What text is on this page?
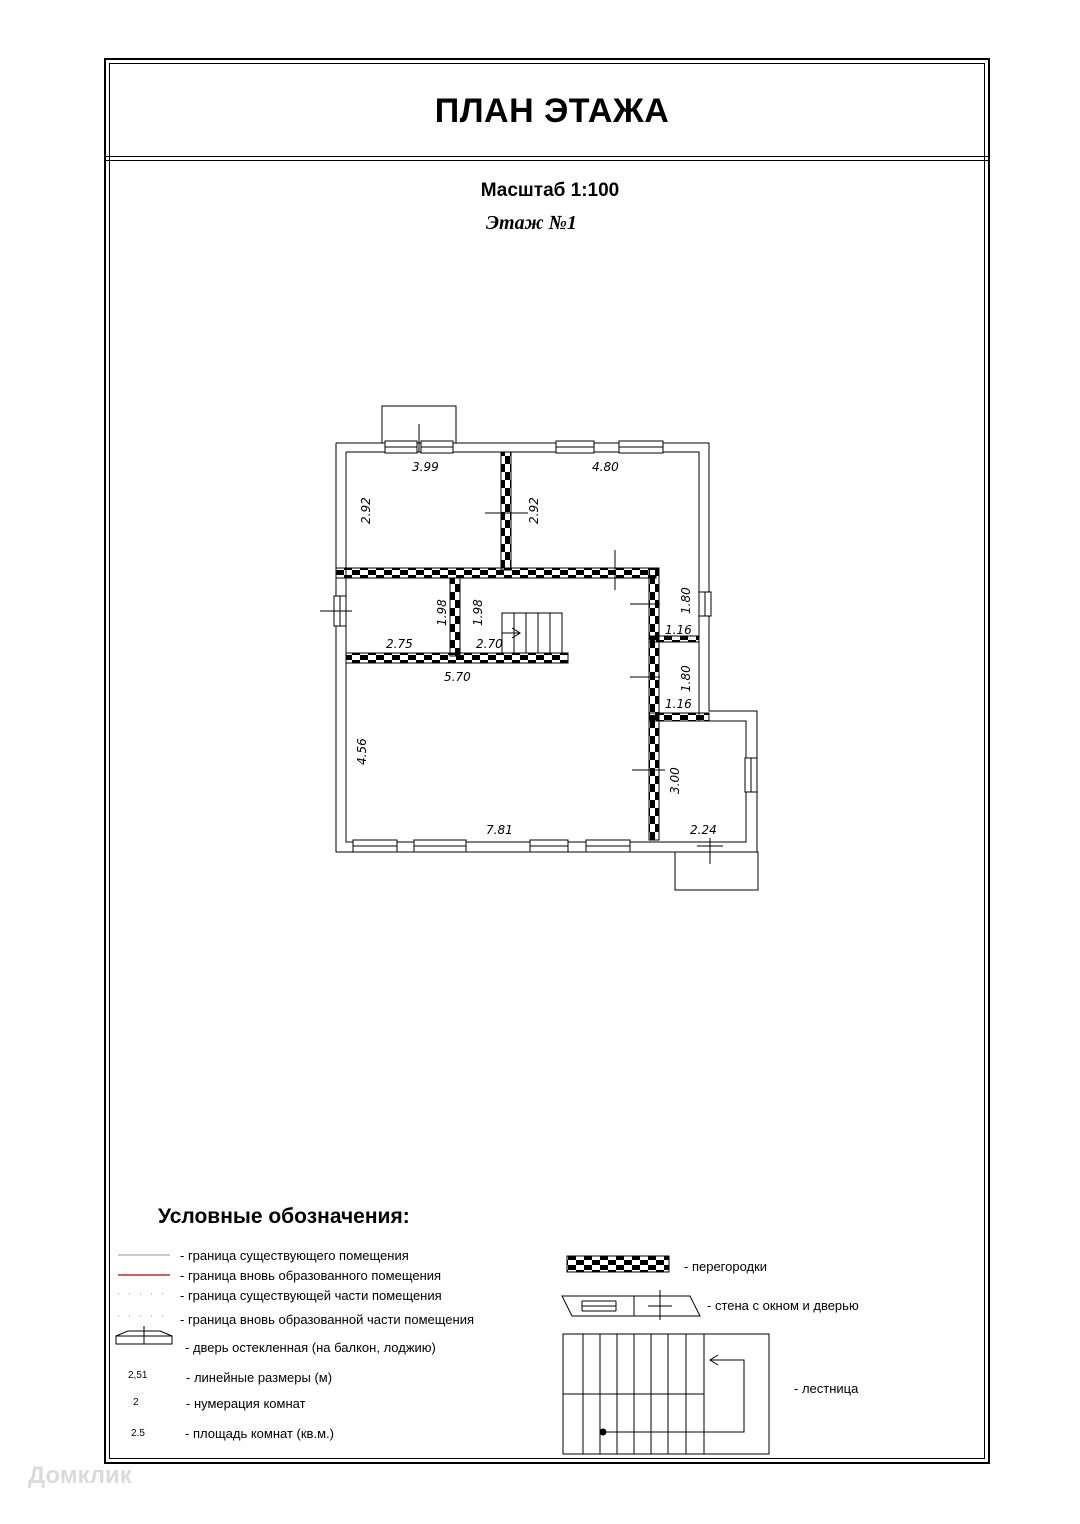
ПЛАН ЭТАЖА
Масштаб 1:100
Этаж №1
3.99
2.92
4.80
2.92
1.98 1.98
2.75	2.70
5.70
4.56
7.81
1.80
1.16
1.80
1.16
3.00
2.24
Условные обозначения:
- граница существующего помещения
- граница вновь образованного помещения
- граница существующей части помещения
- граница вновь образованной части помещения
- дверь остекленная (на балкон, лоджию)
2,51	- линейные размеры (м)
2	- нумерация комнат
2.5	- площадь комнат (кв.м.)
- перегородки
- стена с окном и дверью
- лестница
Домклик
